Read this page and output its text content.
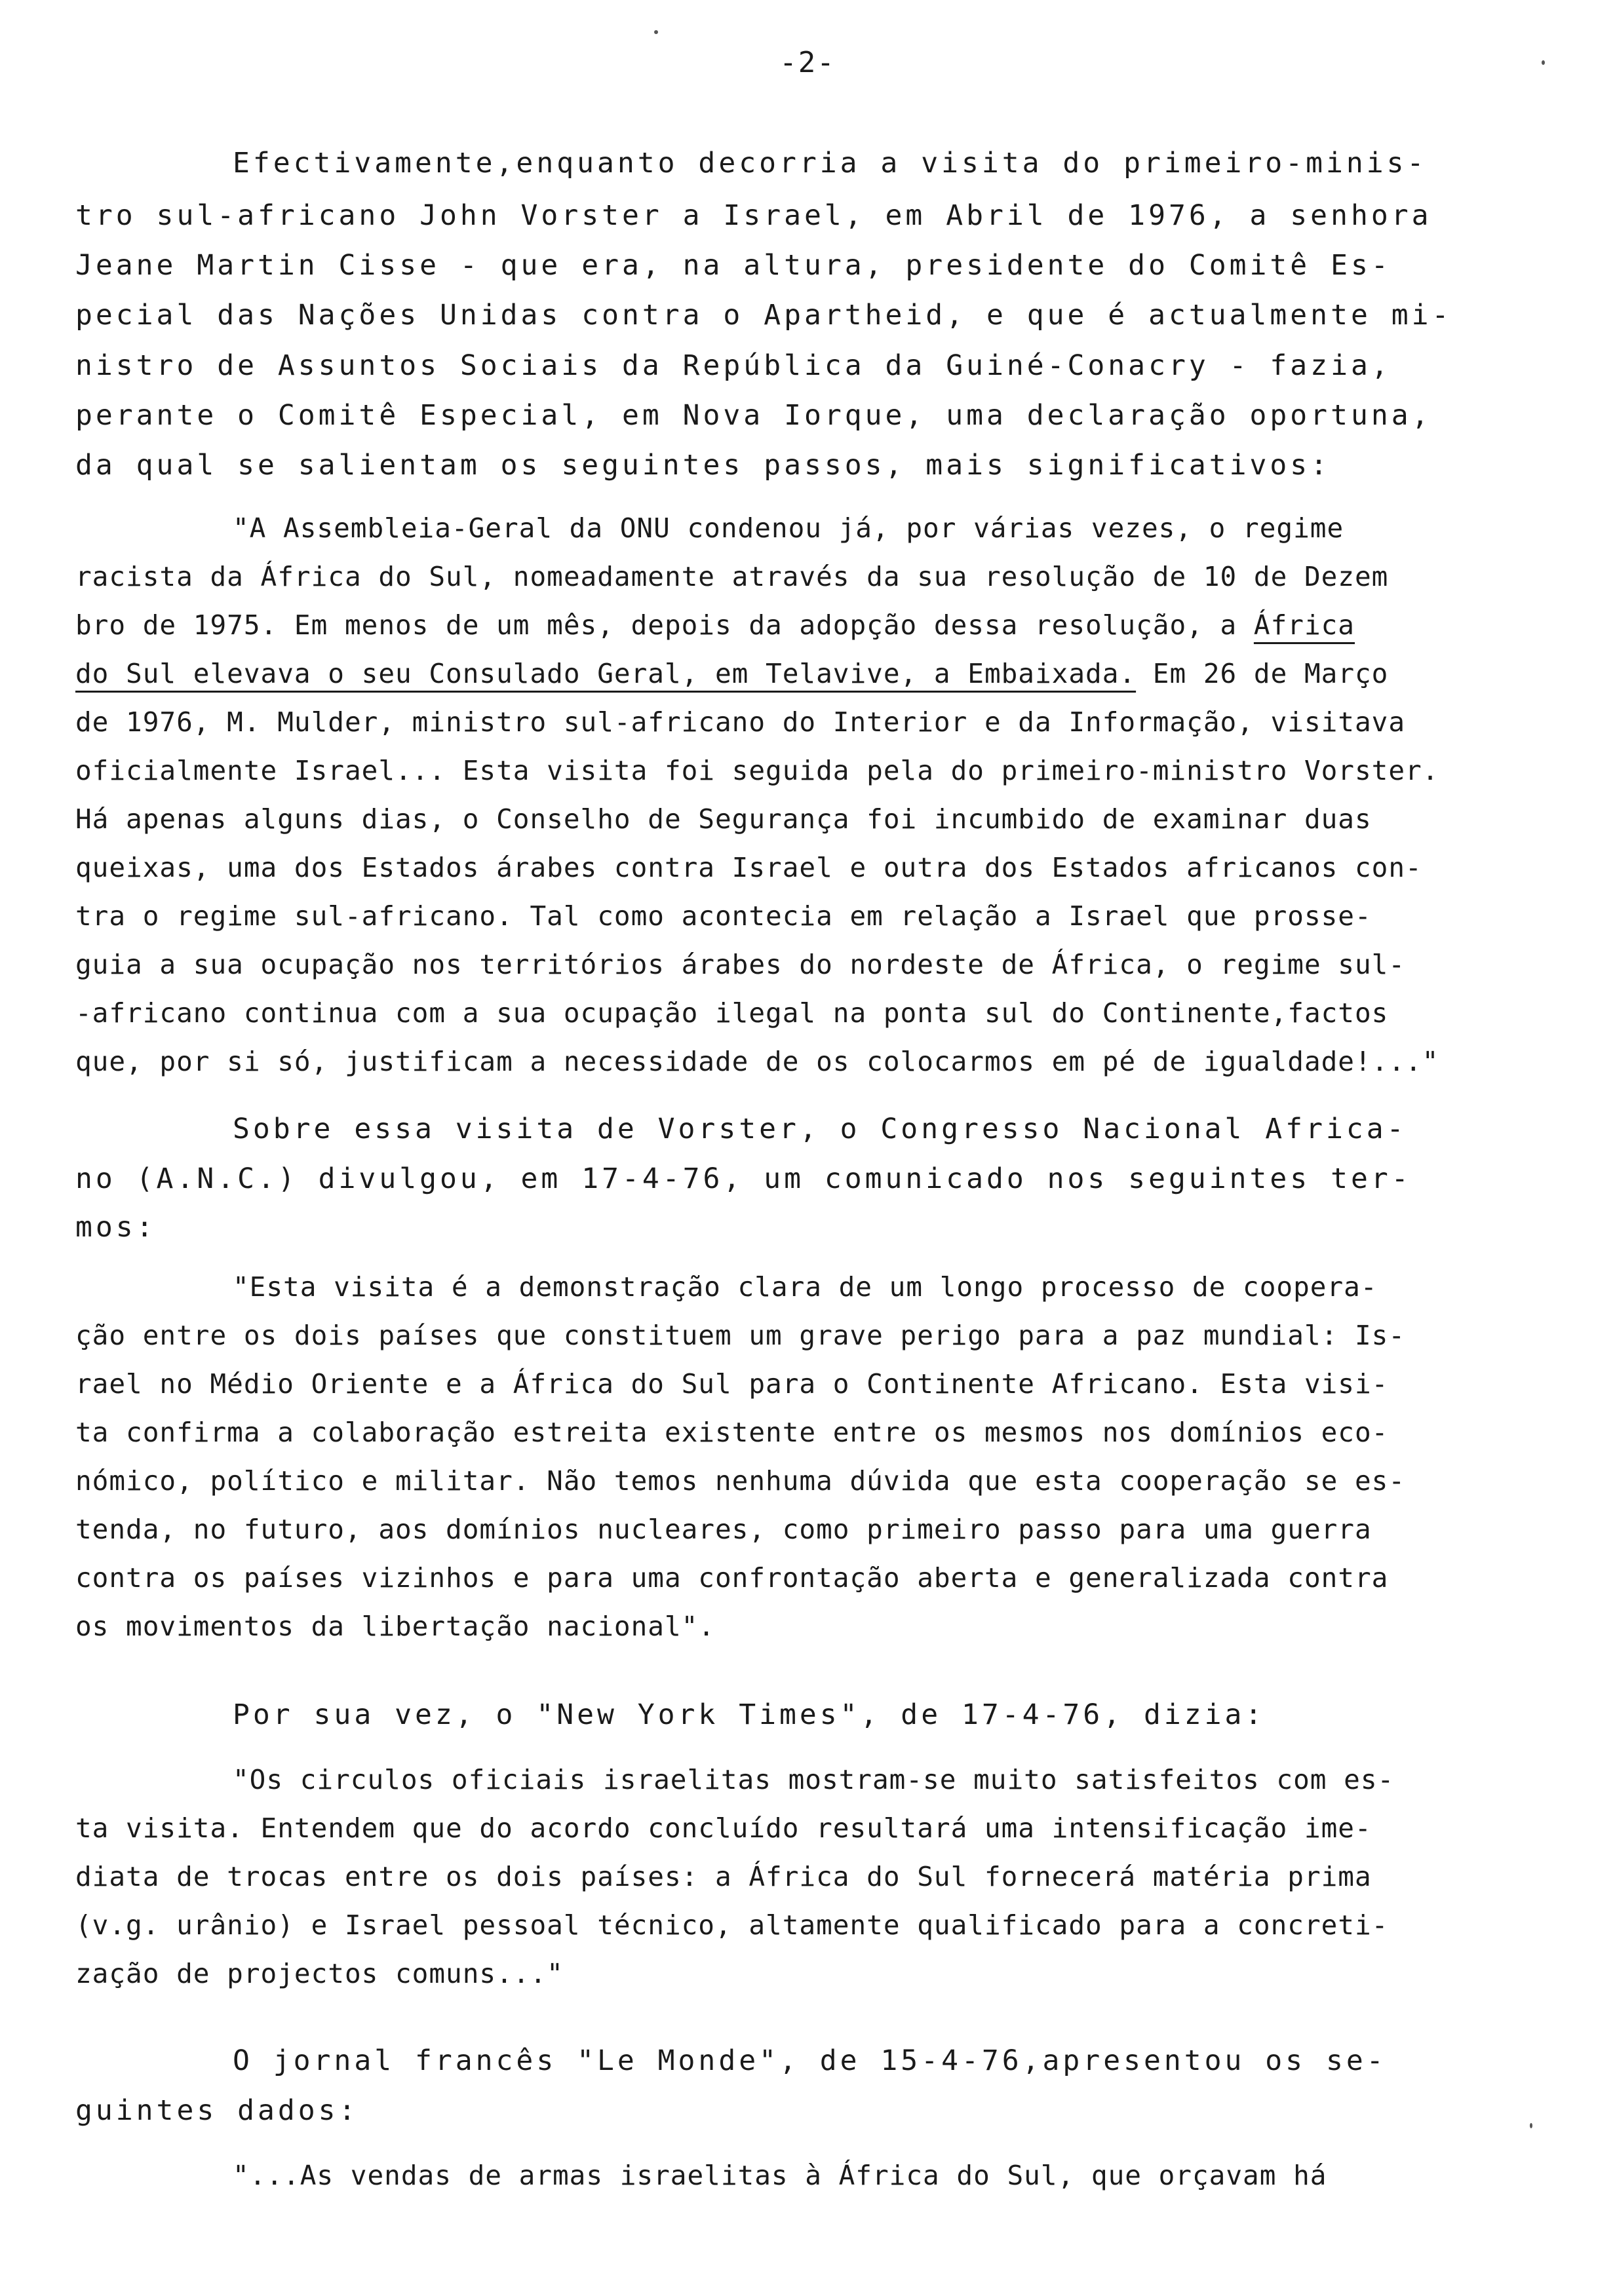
-2-
Efectivamente,enquanto decorria a visita do primeiro-minis-
tro sul-africano John Vorster a Israel, em Abril de 1976, a senhora
Jeane Martin Cisse - que era, na altura, presidente do Comitê Es-
pecial das Nações Unidas contra o Apartheid, e que é actualmente mi-
nistro de Assuntos Sociais da República da Guiné-Conacry - fazia,
perante o Comitê Especial, em Nova Iorque, uma declaração oportuna,
da qual se salientam os seguintes passos, mais significativos:
"A Assembleia-Geral da ONU condenou já, por várias vezes, o regime
racista da África do Sul, nomeadamente através da sua resolução de 10 de Dezem
bro de 1975. Em menos de um mês, depois da adopção dessa resolução, a África
do Sul elevava o seu Consulado Geral, em Telavive, a Embaixada. Em 26 de Março
de 1976, M. Mulder, ministro sul-africano do Interior e da Informação, visitava
oficialmente Israel... Esta visita foi seguida pela do primeiro-ministro Vorster.
Há apenas alguns dias, o Conselho de Segurança foi incumbido de examinar duas
queixas, uma dos Estados árabes contra Israel e outra dos Estados africanos con-
tra o regime sul-africano. Tal como acontecia em relação a Israel que prosse-
guia a sua ocupação nos territórios árabes do nordeste de África, o regime sul-
-africano continua com a sua ocupação ilegal na ponta sul do Continente,factos
que, por si só, justificam a necessidade de os colocarmos em pé de igualdade!..."
Sobre essa visita de Vorster, o Congresso Nacional Africa-
no (A.N.C.) divulgou, em 17-4-76, um comunicado nos seguintes ter-
mos:
"Esta visita é a demonstração clara de um longo processo de coopera-
ção entre os dois países que constituem um grave perigo para a paz mundial: Is-
rael no Médio Oriente e a África do Sul para o Continente Africano. Esta visi-
ta confirma a colaboração estreita existente entre os mesmos nos domínios eco-
nómico, político e militar. Não temos nenhuma dúvida que esta cooperação se es-
tenda, no futuro, aos domínios nucleares, como primeiro passo para uma guerra
contra os países vizinhos e para uma confrontação aberta e generalizada contra
os movimentos da libertação nacional".
Por sua vez, o "New York Times", de 17-4-76, dizia:
"Os circulos oficiais israelitas mostram-se muito satisfeitos com es-
ta visita. Entendem que do acordo concluído resultará uma intensificação ime-
diata de trocas entre os dois países: a África do Sul fornecerá matéria prima
(v.g. urânio) e Israel pessoal técnico, altamente qualificado para a concreti-
zação de projectos comuns..."
O jornal francês "Le Monde", de 15-4-76,apresentou os se-
guintes dados:
"...As vendas de armas israelitas à África do Sul, que orçavam há
